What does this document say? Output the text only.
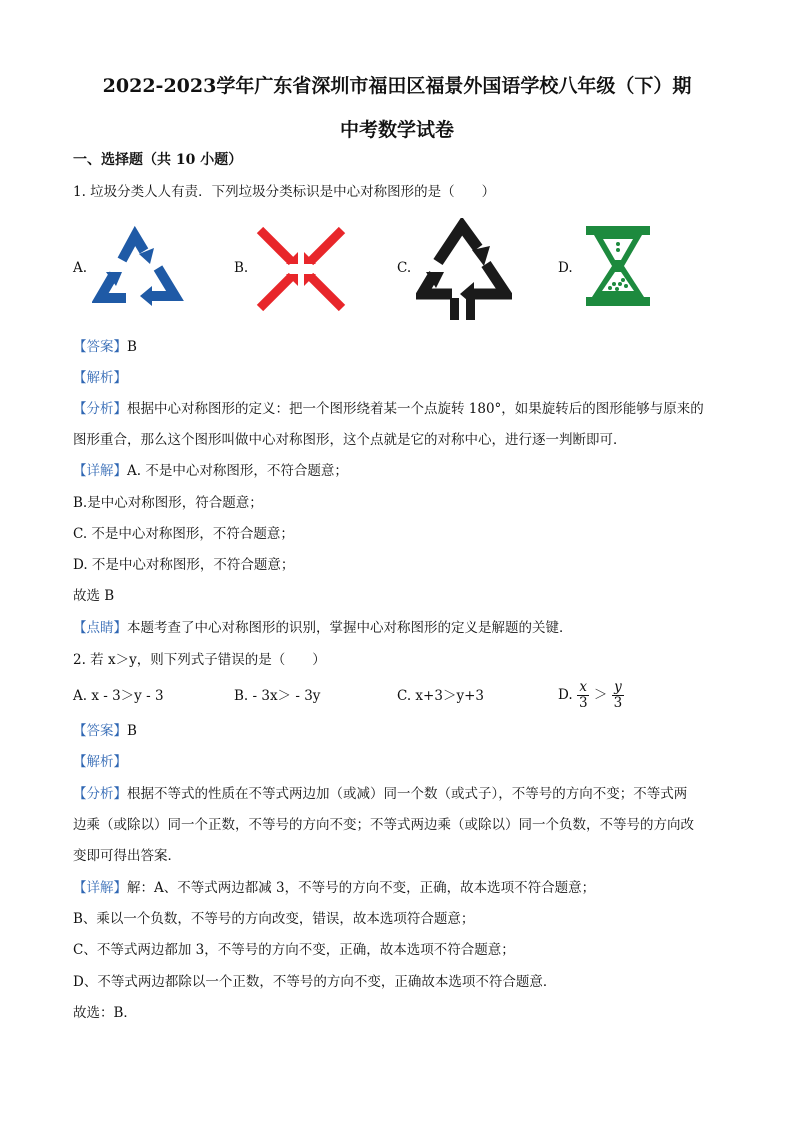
2022-2023学年广东省深圳市福田区福景外国语学校八年级（下）期
中考数学试卷
一、选择题（共 10 小题）
1. 垃圾分类人人有责．下列垃圾分类标识是中心对称图形的是（　　）
A.	B.	C.	D.
【答案】B
【解析】
【分析】根据中心对称图形的定义：把一个图形绕着某一个点旋转 180°，如果旋转后的图形能够与原来的
图形重合，那么这个图形叫做中心对称图形，这个点就是它的对称中心，进行逐一判断即可．
【详解】A. 不是中心对称图形，不符合题意；
B.是中心对称图形，符合题意；
C. 不是中心对称图形，不符合题意；
D. 不是中心对称图形，不符合题意；
故选 B
【点睛】本题考查了中心对称图形的识别，掌握中心对称图形的定义是解题的关键．
2. 若 x＞y，则下列式子错误的是（　　）
A. x - 3＞y - 3	B. - 3x＞ - 3y	C. x+3＞y+3	D. $\frac{x}{3} > \frac{y}{3}$
【答案】B
【解析】
【分析】根据不等式的性质在不等式两边加（或减）同一个数（或式子），不等号的方向不变；不等式两
边乘（或除以）同一个正数，不等号的方向不变；不等式两边乘（或除以）同一个负数，不等号的方向改
变即可得出答案．
【详解】解：A、不等式两边都减 3，不等号的方向不变，正确，故本选项不符合题意；
B、乘以一个负数，不等号的方向改变，错误，故本选项符合题意；
C、不等式两边都加 3，不等号的方向不变，正确，故本选项不符合题意；
D、不等式两边都除以一个正数，不等号的方向不变，正确故本选项不符合题意．
故选：B．
